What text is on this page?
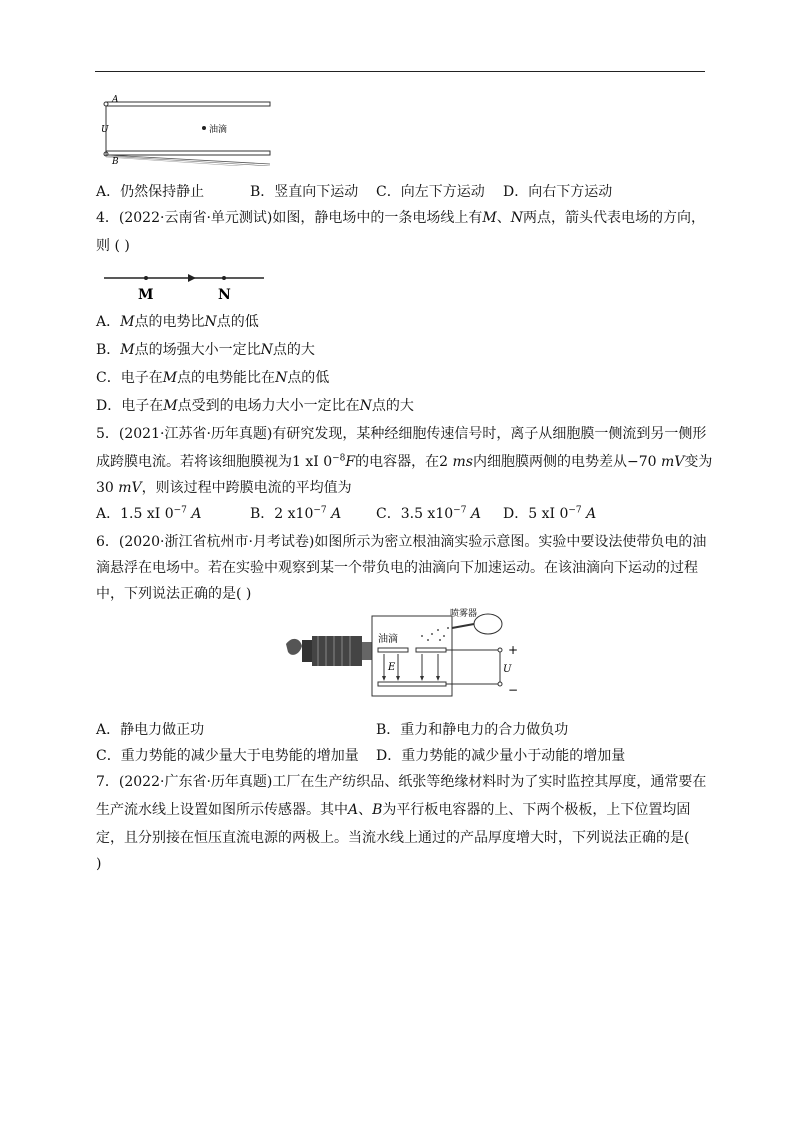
A
U
B
油滴
A．仍然保持静止	B．竖直向下运动 C．向左下方运动 D．向右下方运动
4．(2022·云南省·单元测试)如图，静电场中的一条电场线上有M、N两点，箭头代表电场的方向，
则 ( )
M	N
A．M点的电势比N点的低
B．M点的场强大小一定比N点的大
C．电子在M点的电势能比在N点的低
D．电子在M点受到的电场力大小一定比在N点的大
5．(2021·江苏省·历年真题)有研究发现，某种经细胞传速信号时，离子从细胞膜一侧流到另一侧形
成跨膜电流。若将该细胞膜视为1 xI $0^{-8}F$的电容器，在2 ms内细胞膜两侧的电势差从−70 mV变为
30 mV，则该过程中跨膜电流的平均值为
A．1.5 xI $0^{-7}$ A	B．2 $x10^{-7}$ A C．3.5 $x10^{-7}$ A D．5 xI $0^{-7}$ A
6．(2020·浙江省杭州市·月考试卷)如图所示为密立根油滴实验示意图。实验中要设法使带负电的油
滴悬浮在电场中。若在实验中观察到某一个带负电的油滴向下加速运动。在该油滴向下运动的过程
中，下列说法正确的是( )
喷雾器
油滴
E	U
+
−
A．静电力做正功	B．重力和静电力的合力做负功
C．重力势能的减少量大于电势能的增加量 D．重力势能的减少量小于动能的增加量
7．(2022·广东省·历年真题)工厂在生产纺织品、纸张等绝缘材料时为了实时监控其厚度，通常要在
生产流水线上设置如图所示传感器。其中A、B为平行板电容器的上、下两个极板，上下位置均固
定，且分别接在恒压直流电源的两极上。当流水线上通过的产品厚度增大时，下列说法正确的是(
)
